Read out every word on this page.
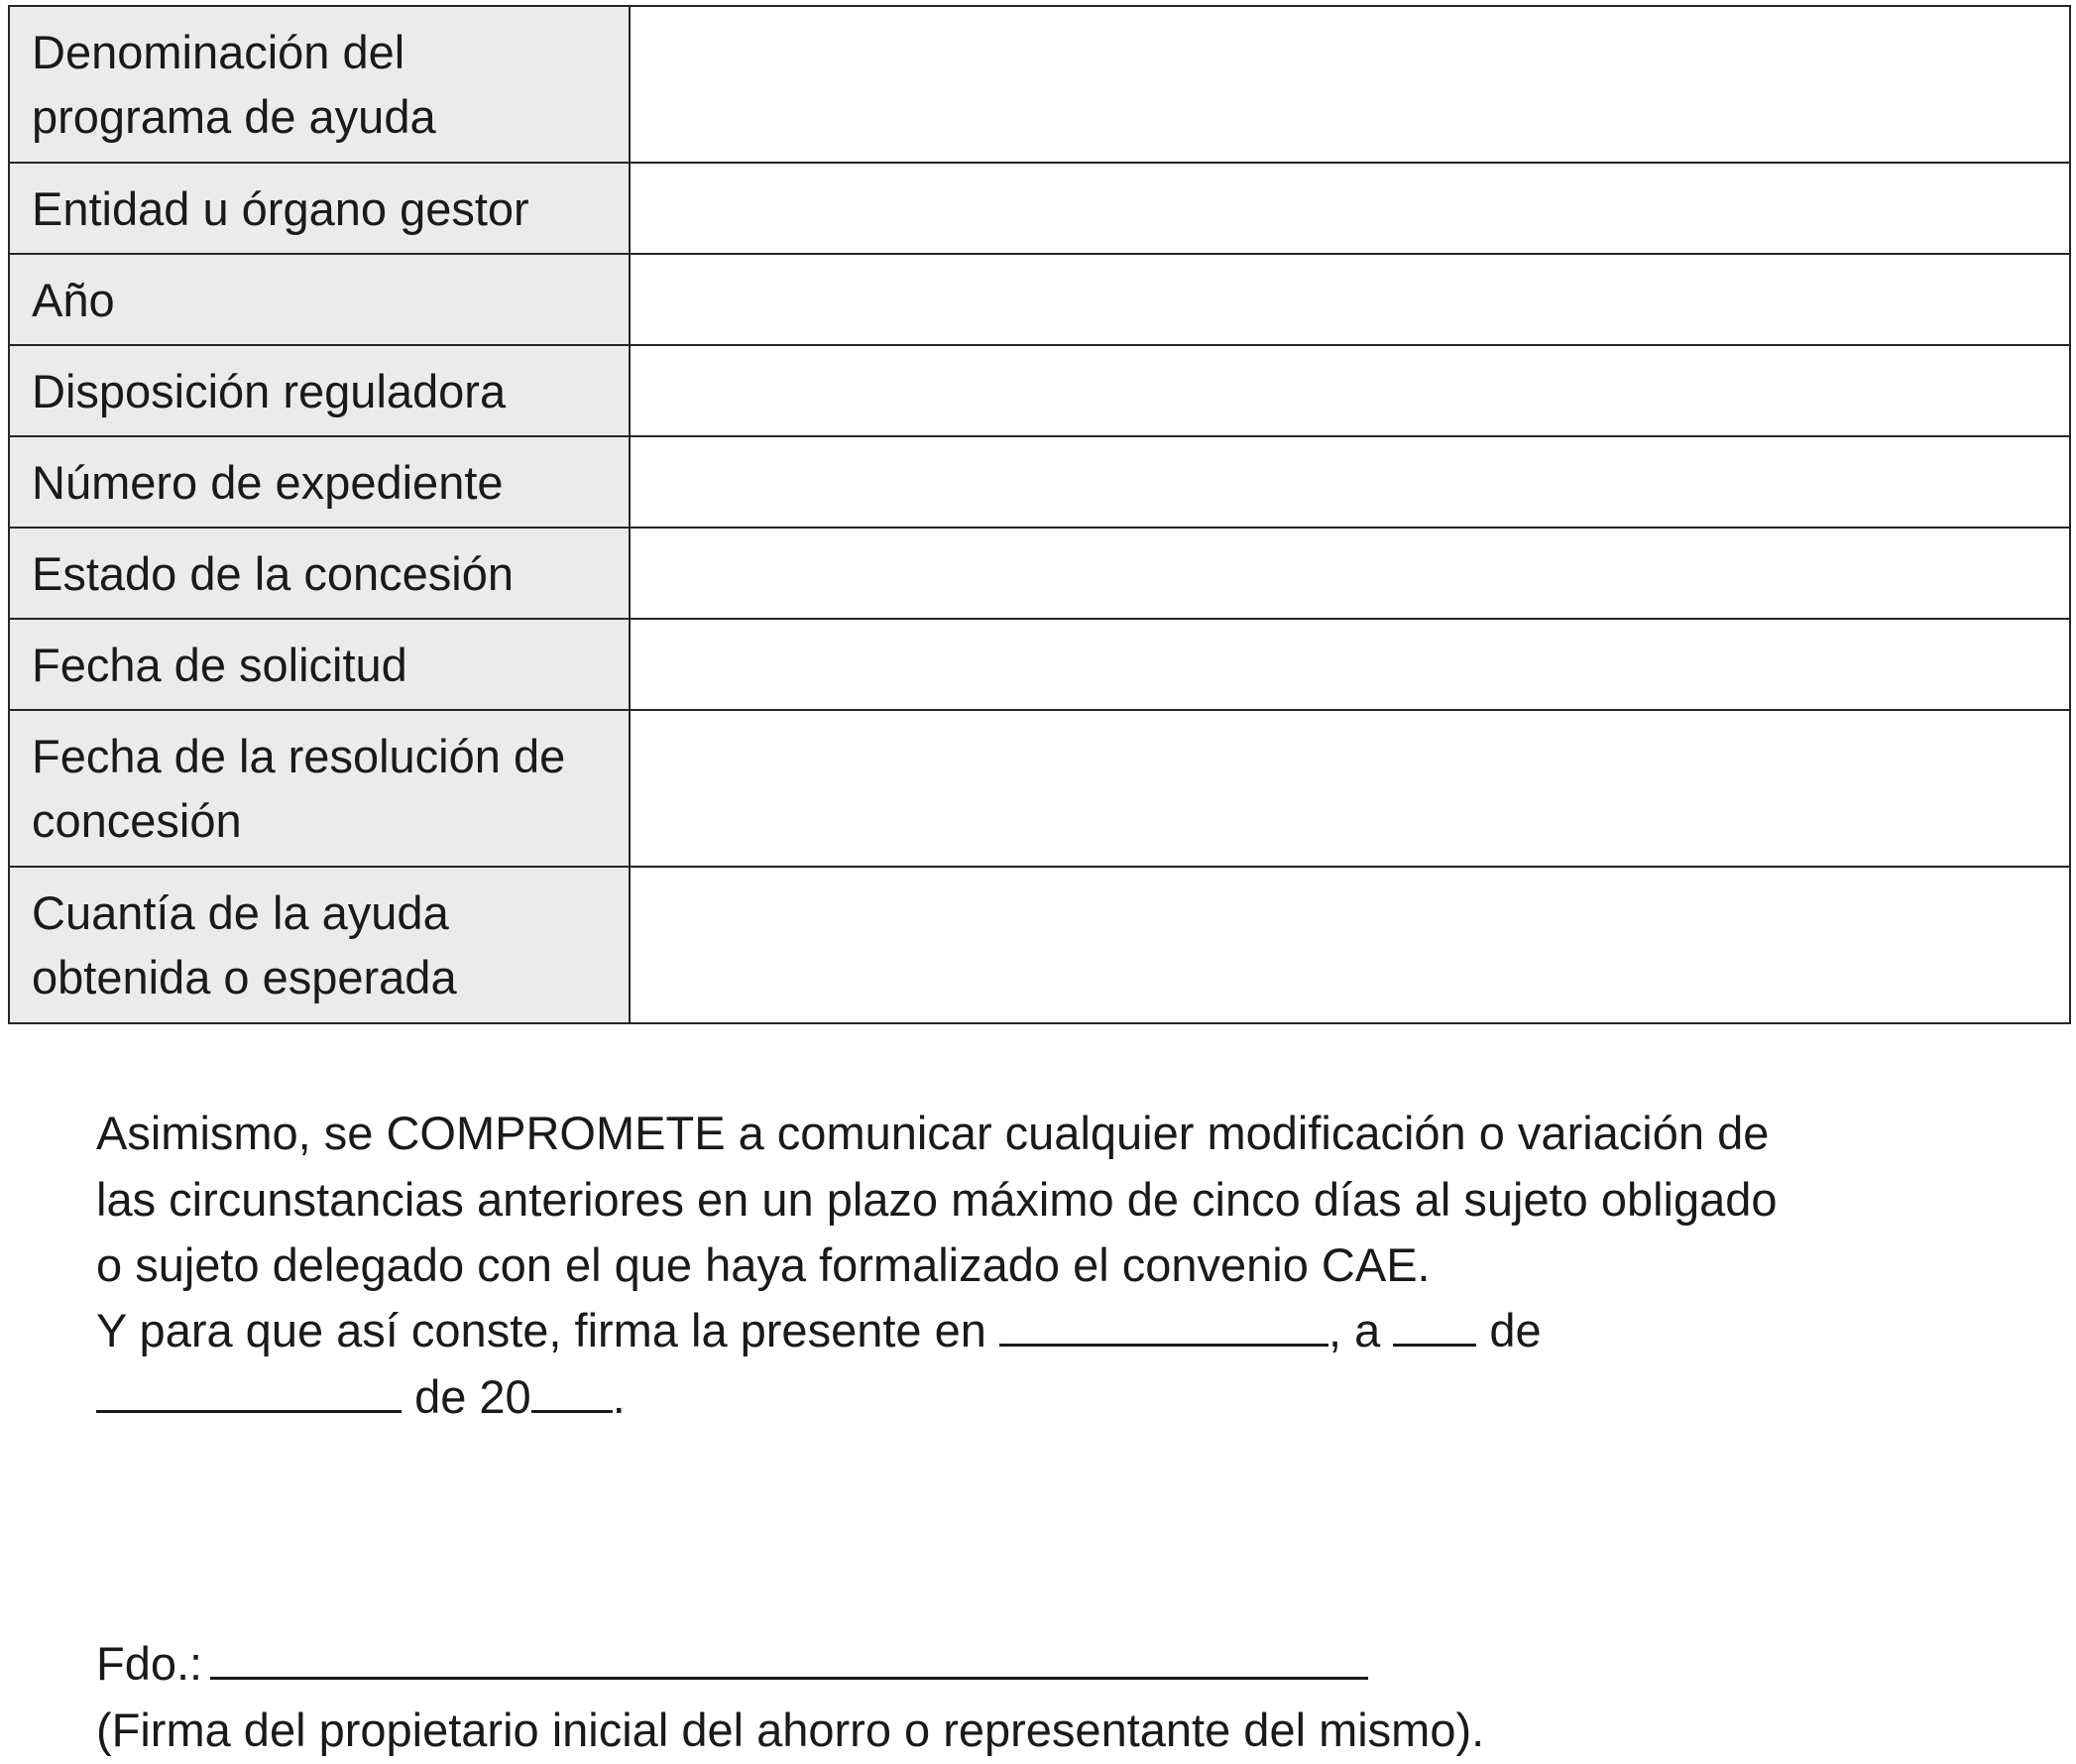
Denominación del
programa de ayuda	
Entidad u órgano gestor	
Año	
Disposición reguladora	
Número de expediente	
Estado de la concesión	
Fecha de solicitud	
Fecha de la resolución de
concesión	
Cuantía de la ayuda
obtenida o esperada	

Asimismo, se COMPROMETE a comunicar cualquier modificación o variación de
las circunstancias anteriores en un plazo máximo de cinco días al sujeto obligado
o sujeto delegado con el que haya formalizado el convenio CAE.

Y para que así conste, firma la presente en	, a de
de 20 .

Fdo.:

(Firma del propietario inicial del ahorro o representante del mismo).
